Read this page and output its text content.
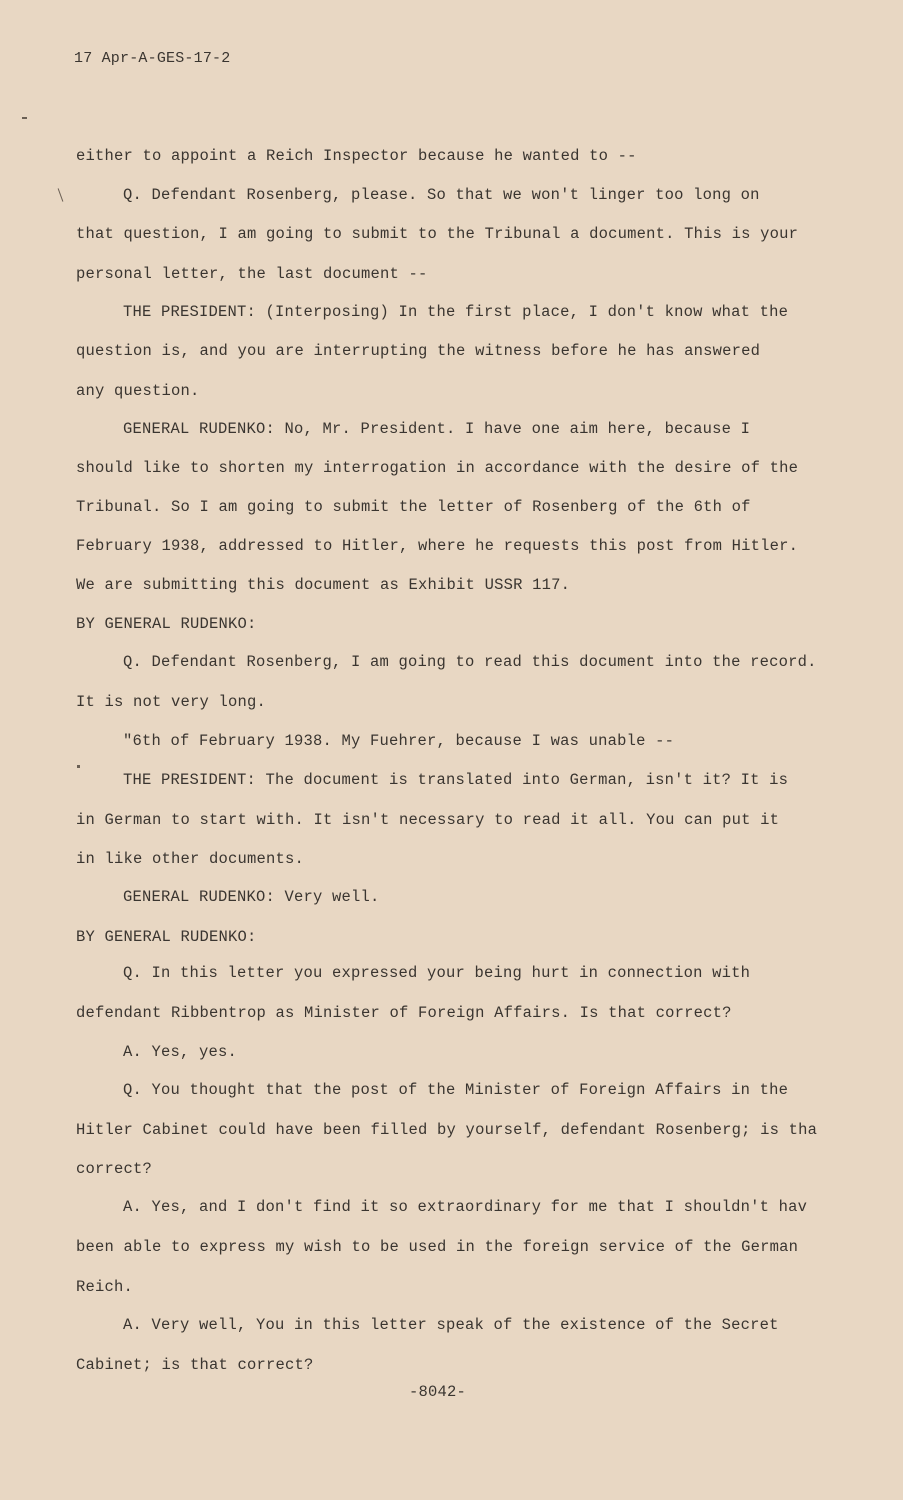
17 Apr-A-GES-17-2
either to appoint a Reich Inspector because he wanted to --
Q. Defendant Rosenberg, please. So that we won't linger too long on
that question, I am going to submit to the Tribunal a document. This is your
personal letter, the last document --
THE PRESIDENT: (Interposing) In the first place, I don't know what the
question is, and you are interrupting the witness before he has answered
any question.
GENERAL RUDENKO: No, Mr. President. I have one aim here, because I
should like to shorten my interrogation in accordance with the desire of the
Tribunal. So I am going to submit the letter of Rosenberg of the 6th of
February 1938, addressed to Hitler, where he requests this post from Hitler.
We are submitting this document as Exhibit USSR 117.
BY GENERAL RUDENKO:
Q. Defendant Rosenberg, I am going to read this document into the record.
It is not very long.
"6th of February 1938. My Fuehrer, because I was unable --
THE PRESIDENT: The document is translated into German, isn't it? It is
in German to start with. It isn't necessary to read it all. You can put it
in like other documents.
GENERAL RUDENKO: Very well.
BY GENERAL RUDENKO:
Q. In this letter you expressed your being hurt in connection with
defendant Ribbentrop as Minister of Foreign Affairs. Is that correct?
A. Yes, yes.
Q. You thought that the post of the Minister of Foreign Affairs in the
Hitler Cabinet could have been filled by yourself, defendant Rosenberg; is tha
correct?
A. Yes, and I don't find it so extraordinary for me that I shouldn't hav
been able to express my wish to be used in the foreign service of the German
Reich.
A. Very well, You in this letter speak of the existence of the Secret
Cabinet; is that correct?
-8042-
